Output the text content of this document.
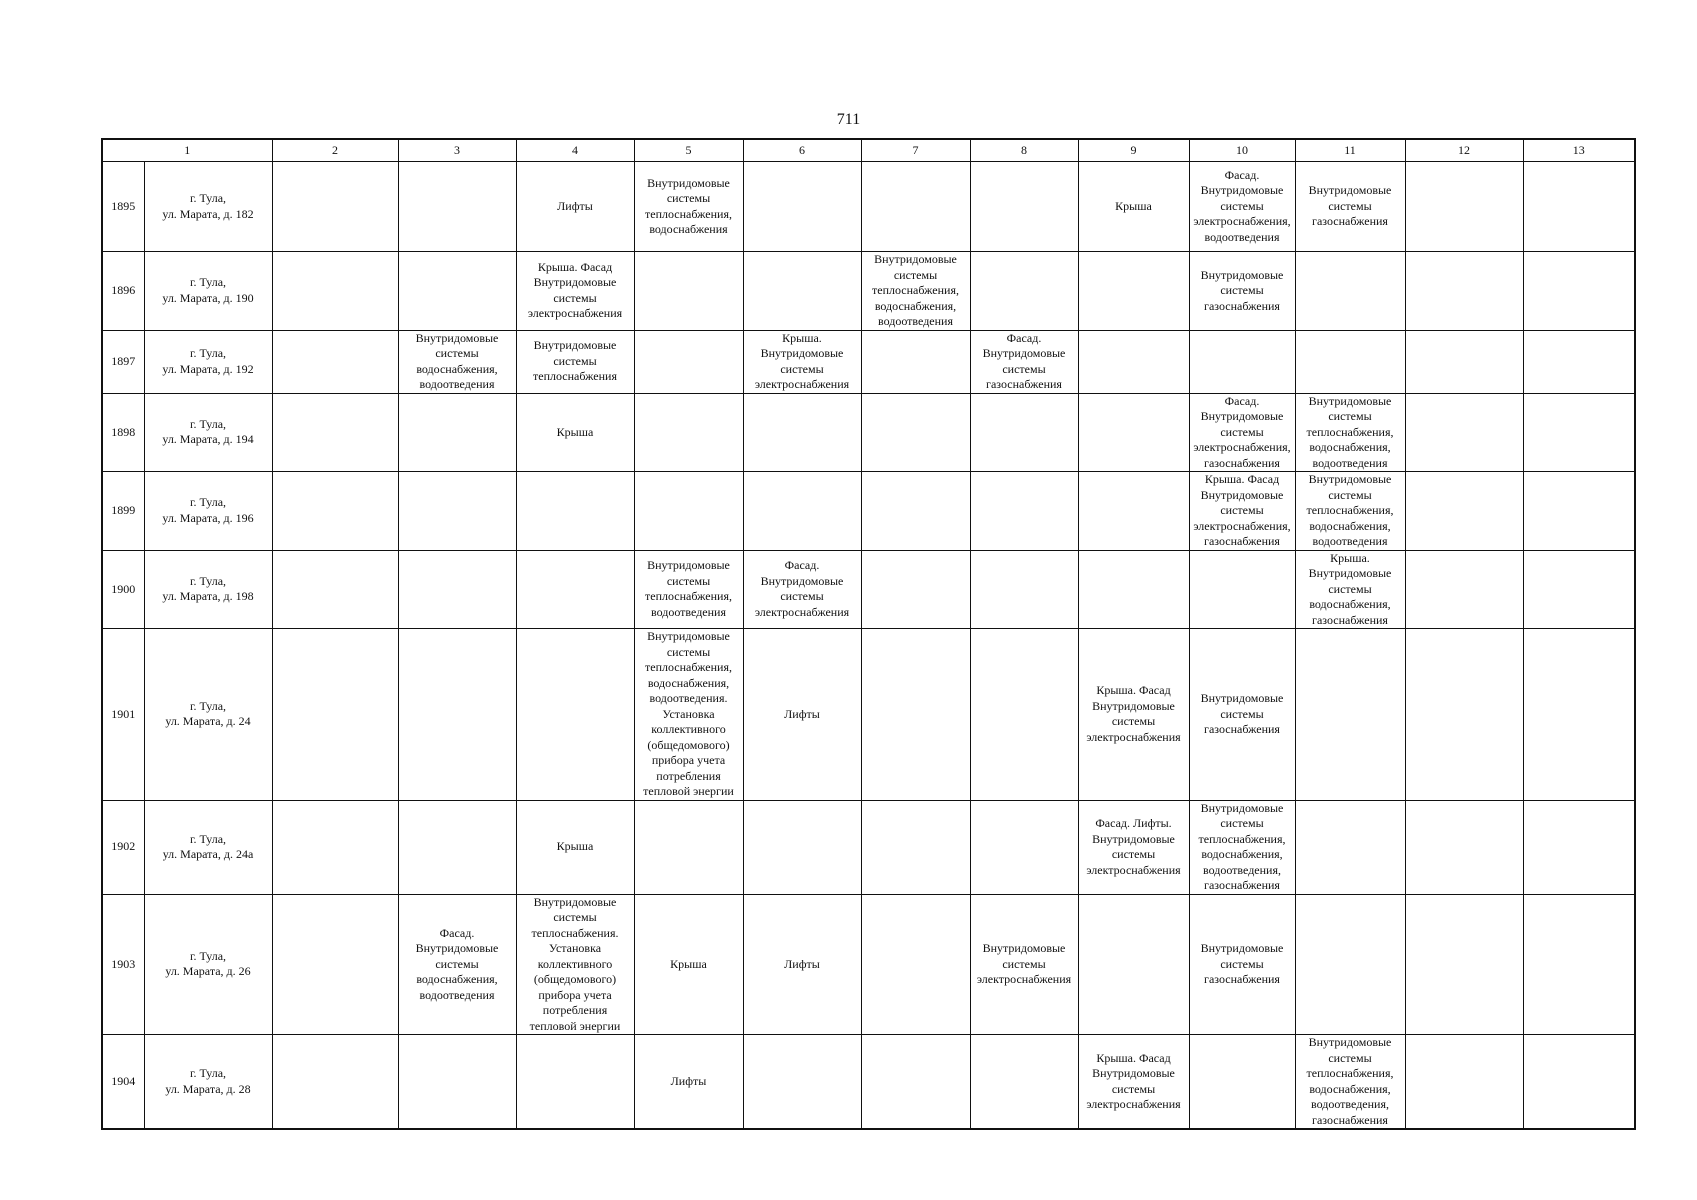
711
1		2	3	4	5	6	7	8	9	10	11	12	13
1895	г. Тула,
ул. Марата, д. 182			Лифты	Внутридомовые системы теплоснабжения, водоснабжения				Крыша	Фасад. Внутридомовые системы электроснабжения, водоотведения	Внутридомовые системы газоснабжения		
1896	г. Тула,
ул. Марата, д. 190			Крыша. Фасад Внутридомовые системы электроснабжения			Внутридомовые системы теплоснабжения, водоснабжения, водоотведения			Внутридомовые системы газоснабжения			
1897	г. Тула,
ул. Марата, д. 192		Внутридомовые системы водоснабжения, водоотведения	Внутридомовые системы теплоснабжения		Крыша. Внутридомовые системы электроснабжения		Фасад. Внутридомовые системы газоснабжения					
1898	г. Тула,
ул. Марата, д. 194			Крыша						Фасад. Внутридомовые системы электроснабжения, газоснабжения	Внутридомовые системы теплоснабжения, водоснабжения, водоотведения		
1899	г. Тула,
ул. Марата, д. 196									Крыша. Фасад Внутридомовые системы электроснабжения, газоснабжения	Внутридомовые системы теплоснабжения, водоснабжения, водоотведения		
1900	г. Тула,
ул. Марата, д. 198				Внутридомовые системы теплоснабжения, водоотведения	Фасад. Внутридомовые системы электроснабжения					Крыша. Внутридомовые системы водоснабжения, газоснабжения		
1901	г. Тула,
ул. Марата, д. 24				Внутридомовые системы теплоснабжения, водоснабжения, водоотведения. Установка коллективного (общедомового) прибора учета потребления тепловой энергии	Лифты			Крыша. Фасад Внутридомовые системы электроснабжения	Внутридомовые системы газоснабжения			
1902	г. Тула,
ул. Марата, д. 24а			Крыша					Фасад. Лифты. Внутридомовые системы электроснабжения	Внутридомовые системы теплоснабжения, водоснабжения, водоотведения, газоснабжения			
1903	г. Тула,
ул. Марата, д. 26		Фасад. Внутридомовые системы водоснабжения, водоотведения	Внутридомовые системы теплоснабжения. Установка коллективного (общедомового) прибора учета потребления тепловой энергии	Крыша	Лифты		Внутридомовые системы электроснабжения		Внутридомовые системы газоснабжения			
1904	г. Тула,
ул. Марата, д. 28				Лифты				Крыша. Фасад Внутридомовые системы электроснабжения		Внутридомовые системы теплоснабжения, водоснабжения, водоотведения, газоснабжения		
